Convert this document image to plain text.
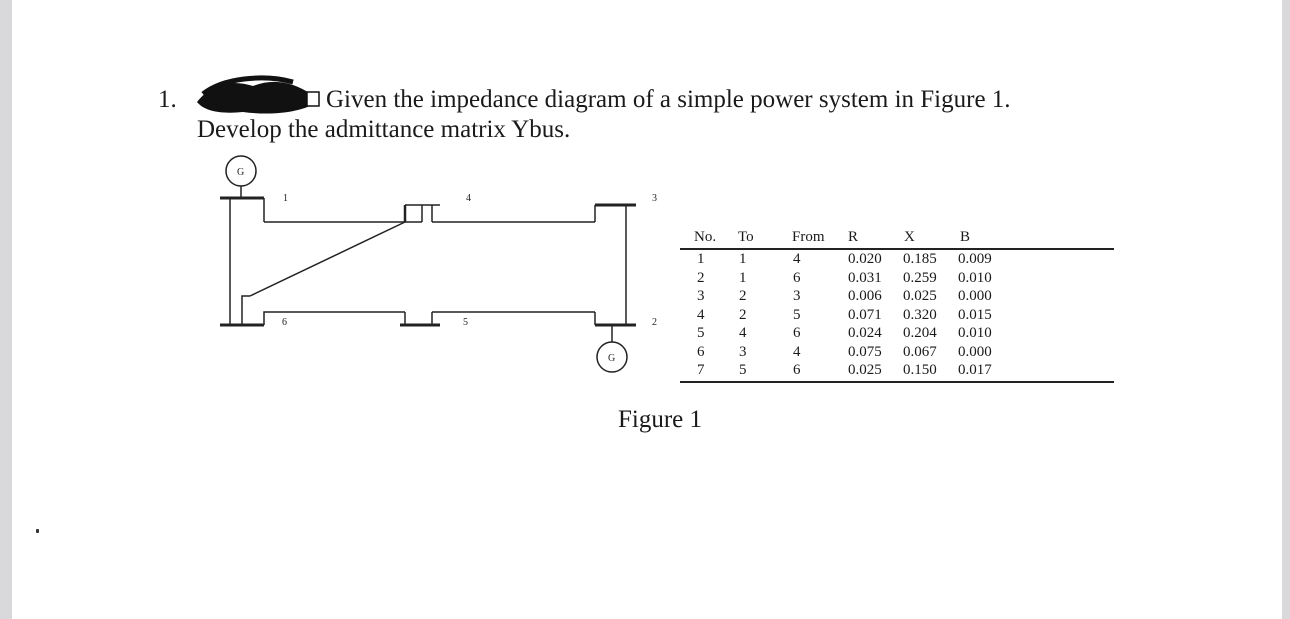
1.	Given the impedance diagram of a simple power system in Figure 1.
Develop the admittance matrix Ybus.
G
G
1	4	3
6	5	2
No. To	From R	X	B
1 1	4	0.020 0.185 0.009
2 1	6	0.031 0.259 0.010
3 2	3	0.006 0.025 0.000
4 2	5	0.071 0.320 0.015
5 4	6	0.024 0.204 0.010
6 3	4	0.075 0.067 0.000
7 5	6	0.025 0.150 0.017
Figure 1
